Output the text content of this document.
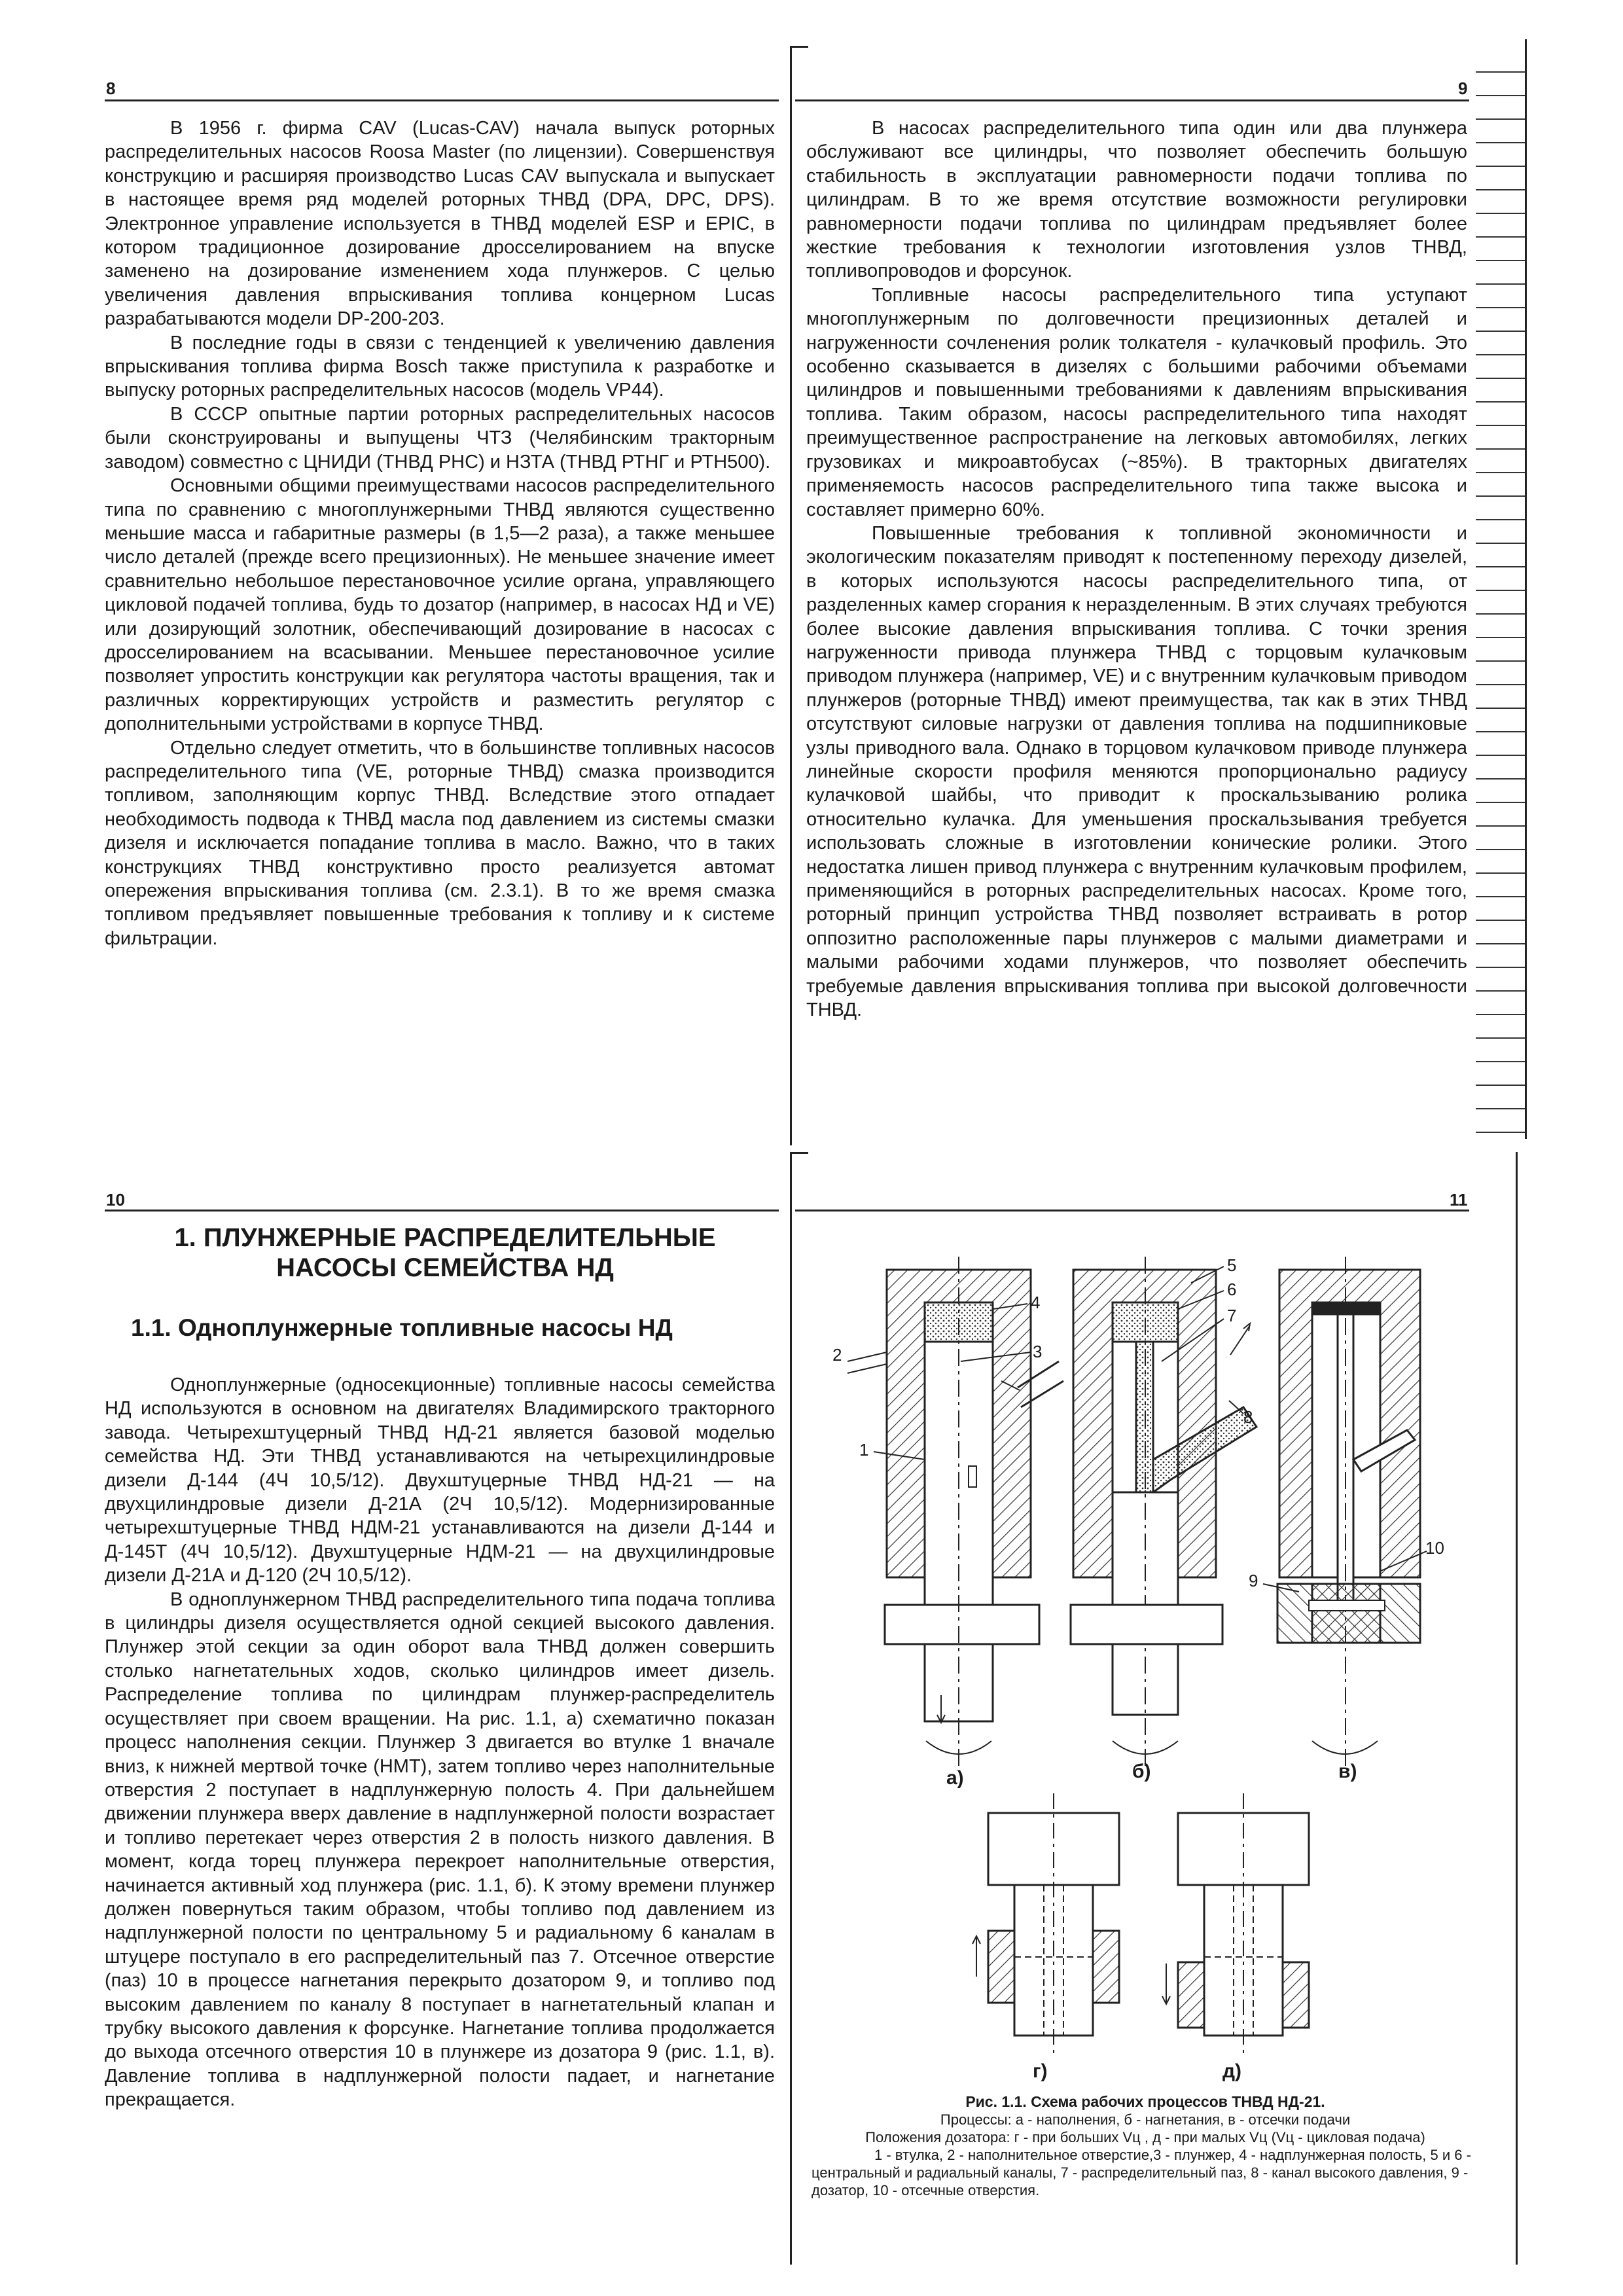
8

В 1956 г. фирма CAV (Lucas-CAV) начала выпуск роторных распределительных насосов Roosa Master (по лицензии). Совершенствуя конструкцию и расширяя производство Lucas CAV выпускала и выпускает в настоящее время ряд моделей роторных ТНВД (DPA, DPC, DPS). Электронное управление используется в ТНВД моделей ESP и EPIC, в котором традиционное дозирование дросселированием на впуске заменено на дозирование изменением хода плунжеров. С целью увеличения давления впрыскивания топлива концерном Lucas разрабатываются модели DP-200-203.

В последние годы в связи с тенденцией к увеличению давления впрыскивания топлива фирма Bosch также приступила к разработке и выпуску роторных распределительных насосов (модель VP44).

В СССР опытные партии роторных распределительных насосов были сконструированы и выпущены ЧТЗ (Челябинским тракторным заводом) совместно с ЦНИДИ (ТНВД РНС) и НЗТА (ТНВД РТНГ и РТН500).

Основными общими преимуществами насосов распределительного типа по сравнению с многоплунжерными ТНВД являются существенно меньшие масса и габаритные размеры (в 1,5—2 раза), а также меньшее число деталей (прежде всего прецизионных). Не меньшее значение имеет сравнительно небольшое перестановочное усилие органа, управляющего цикловой подачей топлива, будь то дозатор (например, в насосах НД и VE) или дозирующий золотник, обеспечивающий дозирование в насосах с дросселированием на всасывании. Меньшее перестановочное усилие позволяет упростить конструкции как регулятора частоты вращения, так и различных корректирующих устройств и разместить регулятор с дополнительными устройствами в корпусе ТНВД.

Отдельно следует отметить, что в большинстве топливных насосов распределительного типа (VE, роторные ТНВД) смазка производится топливом, заполняющим корпус ТНВД. Вследствие этого отпадает необходимость подвода к ТНВД масла под давлением из системы смазки дизеля и исключается попадание топлива в масло. Важно, что в таких конструкциях ТНВД конструктивно просто реализуется автомат опережения впрыскивания топлива (см. 2.3.1). В то же время смазка топливом предъявляет повышенные требования к топливу и к системе фильтрации.

9

В насосах распределительного типа один или два плунжера обслуживают все цилиндры, что позволяет обеспечить большую стабильность в эксплуатации равномерности подачи топлива по цилиндрам. В то же время отсутствие возможности регулировки равномерности подачи топлива по цилиндрам предъявляет более жесткие требования к технологии изготовления узлов ТНВД, топливопроводов и форсунок.

Топливные насосы распределительного типа уступают многоплунжерным по долговечности прецизионных деталей и нагруженности сочленения ролик толкателя - кулачковый профиль. Это особенно сказывается в дизелях с большими рабочими объемами цилиндров и повышенными требованиями к давлениям впрыскивания топлива. Таким образом, насосы распределительного типа находят преимущественное распространение на легковых автомобилях, легких грузовиках и микроавтобусах (~85%). В тракторных двигателях применяемость насосов распределительного типа также высока и составляет примерно 60%.

Повышенные требования к топливной экономичности и экологическим показателям приводят к постепенному переходу дизелей, в которых используются насосы распределительного типа, от разделенных камер сгорания к неразделенным. В этих случаях требуются более высокие давления впрыскивания топлива. С точки зрения нагруженности привода плунжера ТНВД с торцовым кулачковым приводом плунжера (например, VE) и с внутренним кулачковым приводом плунжеров (роторные ТНВД) имеют преимущества, так как в этих ТНВД отсутствуют силовые нагрузки от давления топлива на подшипниковые узлы приводного вала. Однако в торцовом кулачковом приводе плунжера линейные скорости профиля меняются пропорционально радиусу кулачковой шайбы, что приводит к проскальзыванию ролика относительно кулачка. Для уменьшения проскальзывания требуется использовать сложные в изготовлении конические ролики. Этого недостатка лишен привод плунжера с внутренним кулачковым профилем, применяющийся в роторных распределительных насосах. Кроме того, роторный принцип устройства ТНВД позволяет встраивать в ротор оппозитно расположенные пары плунжеров с малыми диаметрами и малыми рабочими ходами плунжеров, что позволяет обеспечить требуемые давления впрыскивания топлива при высокой долговечности ТНВД.

10
1. ПЛУНЖЕРНЫЕ РАСПРЕДЕЛИТЕЛЬНЫЕ
НАСОСЫ СЕМЕЙСТВА НД
1.1. Одноплунжерные топливные насосы НД

Одноплунжерные (односекционные) топливные насосы семейства НД используются в основном на двигателях Владимирского тракторного завода. Четырехштуцерный ТНВД НД-21 является базовой моделью семейства НД. Эти ТНВД устанавливаются на четырехцилиндровые дизели Д-144 (4Ч 10,5/12). Двухштуцерные ТНВД НД-21 — на двухцилиндровые дизели Д-21А (2Ч 10,5/12). Модернизированные четырехштуцерные ТНВД НДМ-21 устанавливаются на дизели Д-144 и Д-145Т (4Ч 10,5/12). Двухштуцерные НДМ-21 — на двухцилиндровые дизели Д-21А и Д-120 (2Ч 10,5/12).

В одноплунжерном ТНВД распределительного типа подача топлива в цилиндры дизеля осуществляется одной секцией высокого давления. Плунжер этой секции за один оборот вала ТНВД должен совершить столько нагнетательных ходов, сколько цилиндров имеет дизель. Распределение топлива по цилиндрам плунжер-распределитель осуществляет при своем вращении. На рис. 1.1, а) схематично показан процесс наполнения секции. Плунжер 3 двигается во втулке 1 вначале вниз, к нижней мертвой точке (НМТ), затем топливо через наполнительные отверстия 2 поступает в надплунжерную полость 4. При дальнейшем движении плунжера вверх давление в надплунжерной полости возрастает и топливо перетекает через отверстия 2 в полость низкого давления. В момент, когда торец плунжера перекроет наполнительные отверстия, начинается активный ход плунжера (рис. 1.1, б). К этому времени плунжер должен повернуться таким образом, чтобы топливо под давлением из надплунжерной полости по центральному 5 и радиальному 6 каналам в штуцере поступало в его распределительный паз 7. Отсечное отверстие (паз) 10 в процессе нагнетания перекрыто дозатором 9, и топливо под высоким давлением по каналу 8 поступает в нагнетательный клапан и трубку высокого давления к форсунке. Нагнетание топлива продолжается до выхода отсечного отверстия 10 в плунжере из дозатора 9 (рис. 1.1, в). Давление топлива в надплунжерной полости падает, и нагнетание прекращается.

11
а)	б)	в)
г)	д)
1
2	3
4
5
6
7
8
9
10
Рис. 1.1. Схема рабочих процессов ТНВД НД-21.
Процессы: а - наполнения, б - нагнетания, в - отсечки подачи
Положения дозатора: г - при больших Vц , д - при малых Vц (Vц - цикловая подача)

1 - втулка, 2 - наполнительное отверстие,3 - плунжер, 4 - надплунжерная полость, 5 и 6 - центральный и радиальный каналы, 7 - распределительный паз, 8 - канал высокого давления, 9 - дозатор, 10 - отсечные отверстия.
